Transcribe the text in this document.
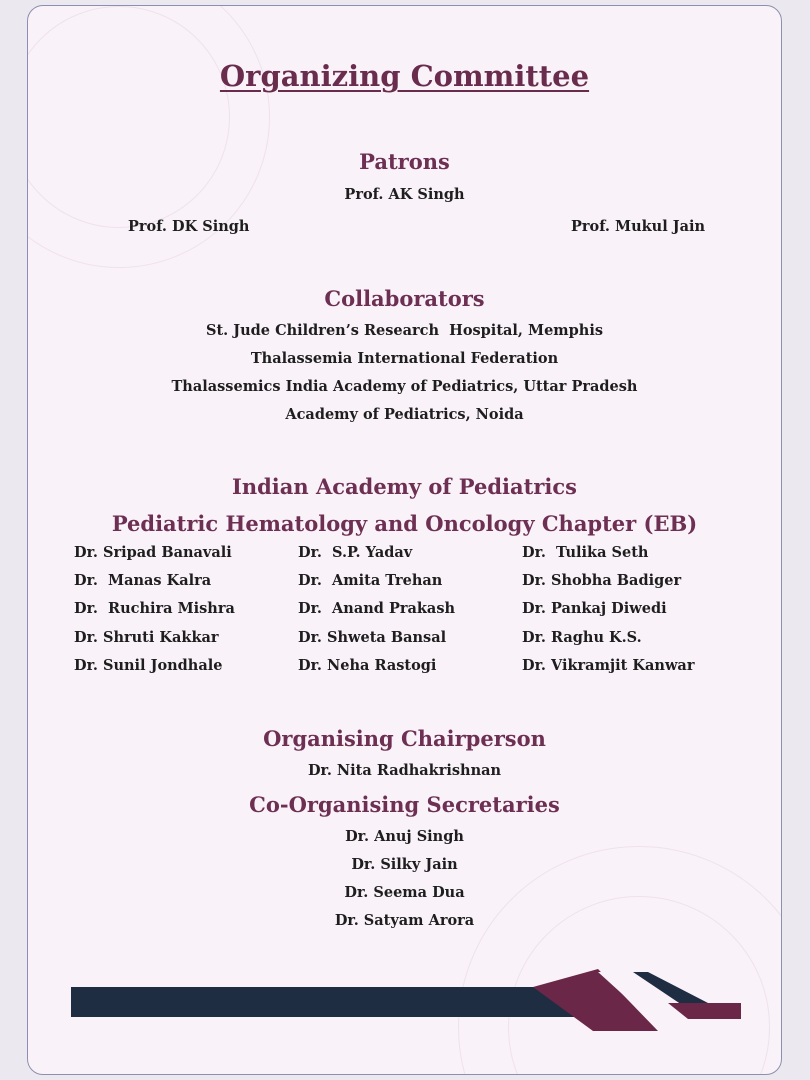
Organizing Committee
Patrons
Prof. AK Singh
Prof. DK Singh	Prof. Mukul Jain
Collaborators
St. Jude Children’s Research  Hospital, Memphis
Thalassemia International Federation
Thalassemics India Academy of Pediatrics, Uttar Pradesh
Academy of Pediatrics, Noida
Indian Academy of Pediatrics
Pediatric Hematology and Oncology Chapter (EB)
Dr. Sripad Banavali	Dr.  S.P. Yadav	Dr.  Tulika Seth
Dr.  Manas Kalra	Dr.  Amita Trehan	Dr. Shobha Badiger
Dr.  Ruchira Mishra	Dr.  Anand Prakash	Dr. Pankaj Diwedi
Dr. Shruti Kakkar	Dr. Shweta Bansal	Dr. Raghu K.S.
Dr. Sunil Jondhale	Dr. Neha Rastogi	Dr. Vikramjit Kanwar
Organising Chairperson
Dr. Nita Radhakrishnan
Co-Organising Secretaries
Dr. Anuj Singh
Dr. Silky Jain
Dr. Seema Dua
Dr. Satyam Arora
